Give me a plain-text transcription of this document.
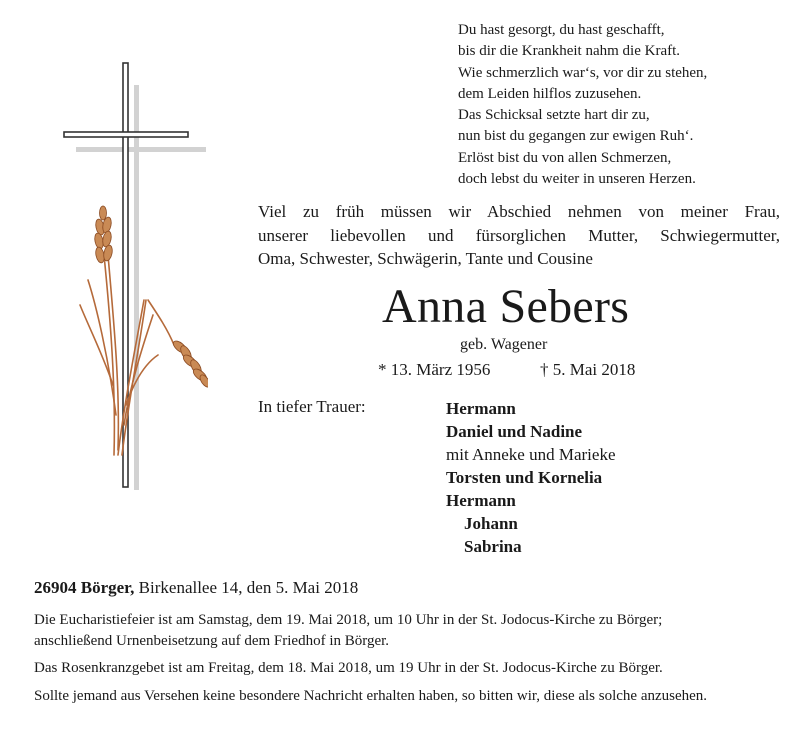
Du hast gesorgt, du hast geschafft,
bis dir die Krankheit nahm die Kraft.
Wie schmerzlich war‘s, vor dir zu stehen,
dem Leiden hilflos zuzusehen.
Das Schicksal setzte hart dir zu,
nun bist du gegangen zur ewigen Ruh‘.
Erlöst bist du von allen Schmerzen,
doch lebst du weiter in unseren Herzen.
Viel zu früh müssen wir Abschied nehmen von meiner Frau,
unserer liebevollen und fürsorglichen Mutter, Schwiegermutter,
Oma, Schwester, Schwägerin, Tante und Cousine
Anna Sebers
geb. Wagener
* 13. März 1956	† 5. Mai 2018
In tiefer Trauer:	Hermann
Daniel und Nadine
mit Anneke und Marieke
Torsten und Kornelia
Hermann
Johann
Sabrina
26904 Börger, Birkenallee 14, den 5. Mai 2018

Die Eucharistiefeier ist am Samstag, dem 19. Mai 2018, um 10 Uhr in der St. Jodocus-Kirche zu Börger;
anschließend Urnenbeisetzung auf dem Friedhof in Börger.

Das Rosenkranzgebet ist am Freitag, dem 18. Mai 2018, um 19 Uhr in der St. Jodocus-Kirche zu Börger.

Sollte jemand aus Versehen keine besondere Nachricht erhalten haben, so bitten wir, diese als solche anzusehen.
